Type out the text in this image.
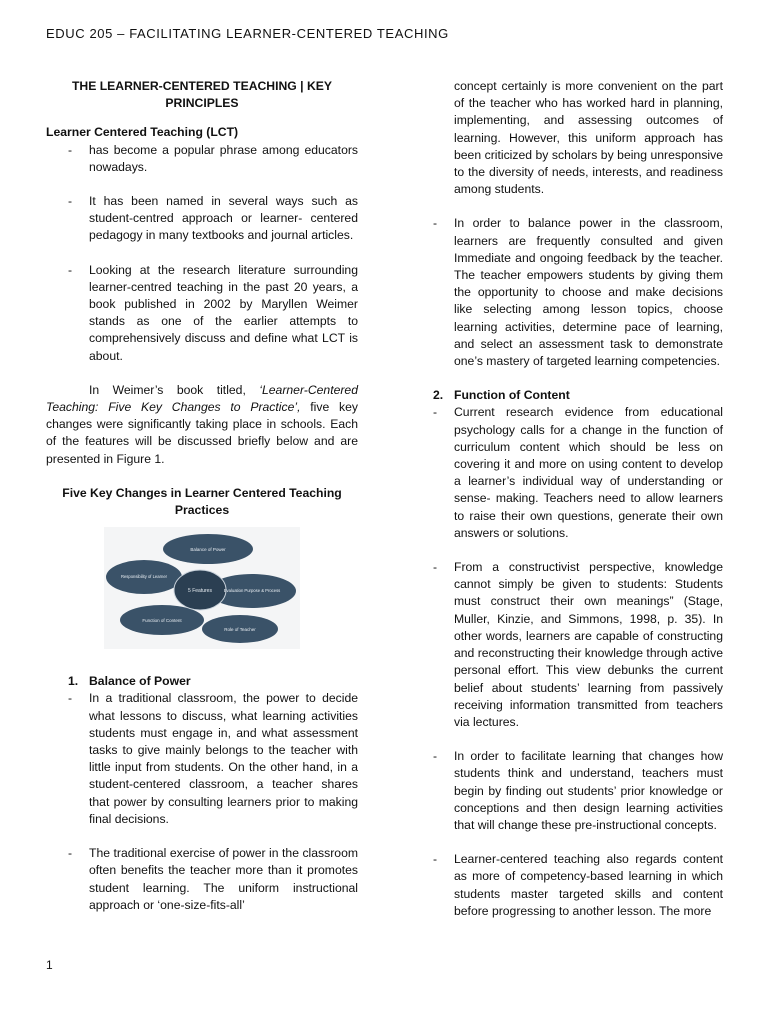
EDUC 205 – FACILITATING LEARNER-CENTERED TEACHING

THE LEARNER-CENTERED TEACHING | KEY PRINCIPLES

Learner Centered Teaching (LCT)

- has become a popular phrase among educators nowadays.
- It has been named in several ways such as student-centred approach or learner- centered pedagogy in many textbooks and journal articles.
- Looking at the research literature surrounding learner-centred teaching in the past 20 years, a book published in 2002 by Maryllen Weimer stands as one of the earlier attempts to comprehensively discuss and define what LCT is about.

In Weimer’s book titled, ‘Learner-Centered Teaching: Five Key Changes to Practice’, five key changes were significantly taking place in schools. Each of the features will be discussed briefly below and are presented in Figure 1.

Five Key Changes in Learner Centered Teaching Practices

5 Features
Balance of Power
Responsibility of Learner
Evaluation Purpose & Process
Function of Content
Role of Teacher

1. Balance of Power

- In a traditional classroom, the power to decide what lessons to discuss, what learning activities students must engage in, and what assessment tasks to give mainly belongs to the teacher with little input from students. On the other hand, in a student-centered classroom, a teacher shares that power by consulting learners prior to making final decisions.
- The traditional exercise of power in the classroom often benefits the teacher more than it promotes student learning. The uniform instructional approach or ‘one-size-fits-all’

concept certainly is more convenient on the part of the teacher who has worked hard in planning, implementing, and assessing outcomes of learning. However, this uniform approach has been criticized by scholars by being unresponsive to the diversity of needs, interests, and readiness among students.

- In order to balance power in the classroom, learners are frequently consulted and given Immediate and ongoing feedback by the teacher. The teacher empowers students by giving them the opportunity to choose and make decisions like selecting among lesson topics, choose learning activities, determine pace of learning, and select an assessment task to demonstrate one’s mastery of targeted learning competencies.

2. Function of Content

- Current research evidence from educational psychology calls for a change in the function of curriculum content which should be less on covering it and more on using content to develop a learner’s individual way of understanding or sense- making. Teachers need to allow learners to raise their own questions, generate their own answers or solutions.
- From a constructivist perspective, knowledge cannot simply be given to students: Students must construct their own meanings” (Stage, Muller, Kinzie, and Simmons, 1998, p. 35). In other words, learners are capable of constructing and reconstructing their knowledge through active personal effort. This view debunks the current belief about students’ learning from passively receiving information transmitted from teachers via lectures.
- In order to facilitate learning that changes how students think and understand, teachers must begin by finding out students’ prior knowledge or conceptions and then design learning activities that will change these pre-instructional concepts.
- Learner-centered teaching also regards content as more of competency-based learning in which students master targeted skills and content before progressing to another lesson. The more
1
